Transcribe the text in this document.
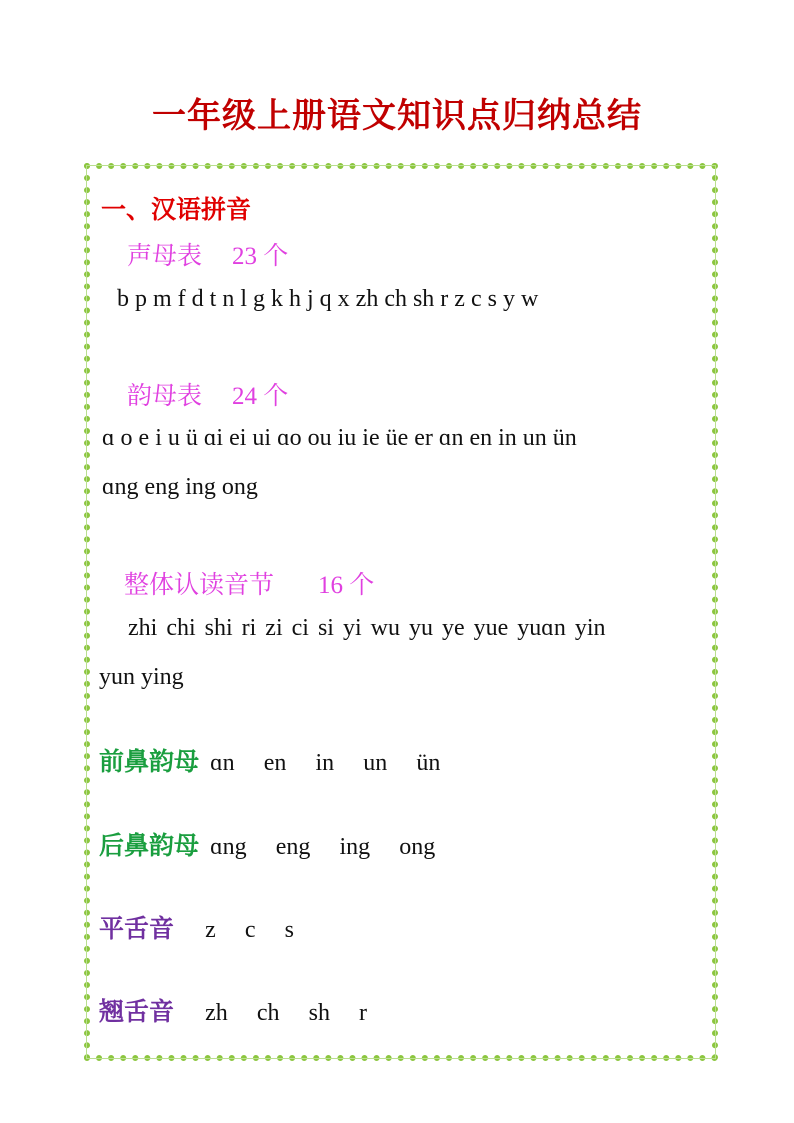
一年级上册语文知识点归纳总结
一、汉语拼音
声母表 23 个
b p m f d t n l g k h j q x zh ch sh r z c s y w
韵母表 24 个
ɑ o e i u ü ɑi ei ui ɑo ou iu ie üe er ɑn en in un ün
ɑng eng ing ong
整体认读音节 16 个
zhi chi shi ri zi ci si yi wu yu ye yue yuɑn yin
yun ying
前鼻韵母 ɑn en in un ün
后鼻韵母 ɑng eng ing ong
平舌音 z c s
翘舌音 zh ch sh r
